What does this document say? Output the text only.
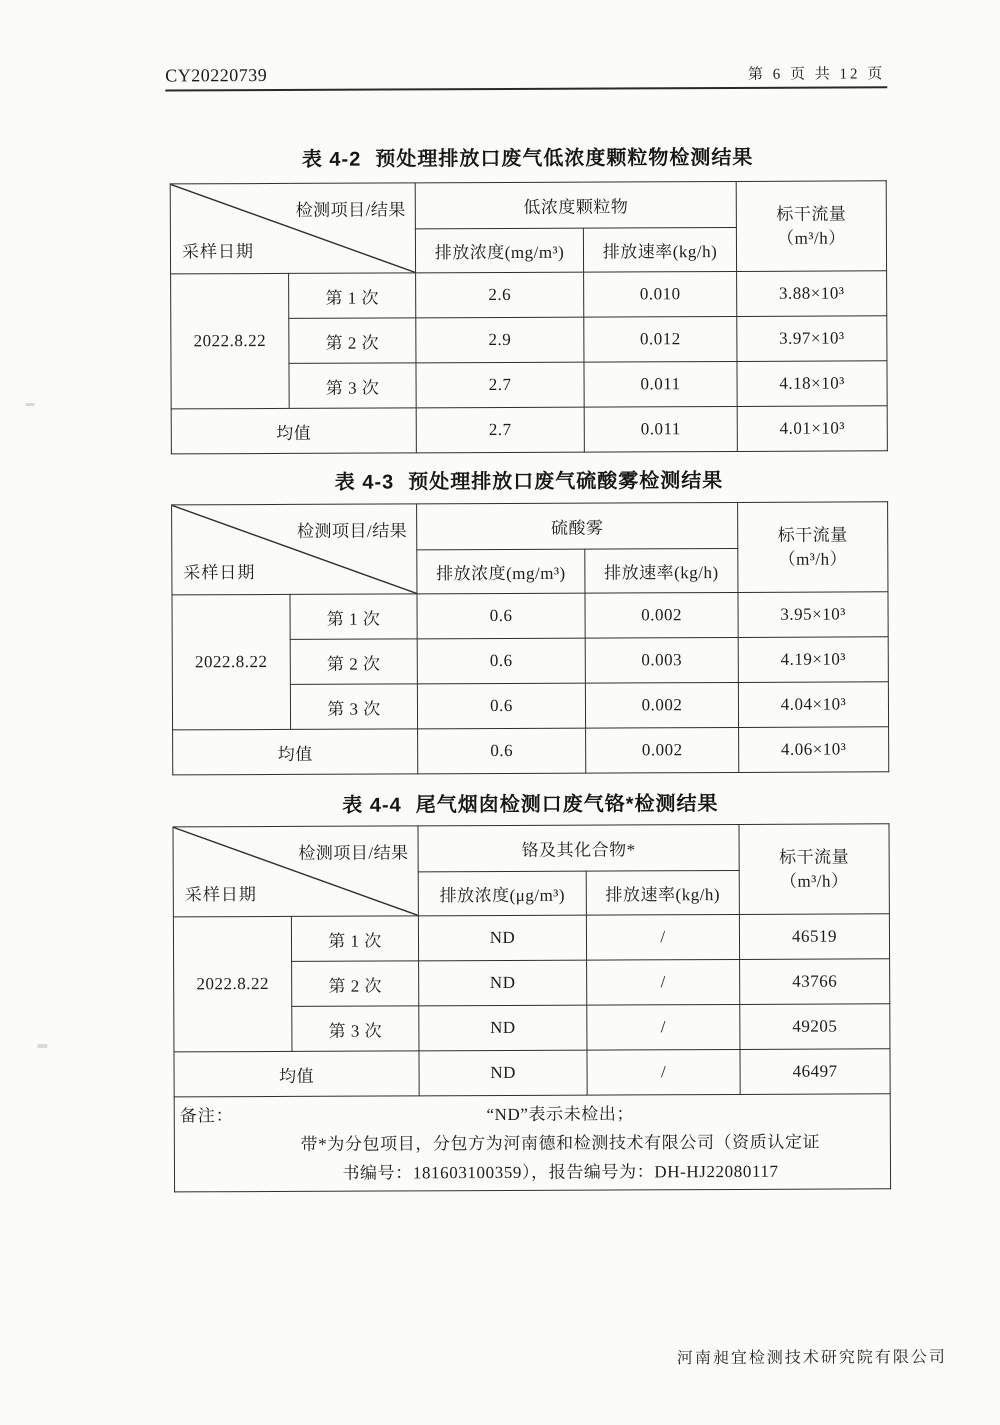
CY20220739	第 6 页 共 12 页
表 4-2 预处理排放口废气低浓度颗粒物检测结果
检测项目/结果
采样日期
	低浓度颗粒物	标干流量
（m³/h）

		排放浓度(mg/m³)	排放速率(kg/h)	
2022.8.22	第 1 次	2.6	0.010	3.88×10³
	第 2 次	2.9	0.012	3.97×10³
	第 3 次	2.7	0.011	4.18×10³
均值		2.7	0.011	4.01×10³
表 4-3 预处理排放口废气硫酸雾检测结果
检测项目/结果
采样日期
	硫酸雾	标干流量
（m³/h）

		排放浓度(mg/m³)	排放速率(kg/h)	
2022.8.22	第 1 次	0.6	0.002	3.95×10³
	第 2 次	0.6	0.003	4.19×10³
	第 3 次	0.6	0.002	4.04×10³
均值		0.6	0.002	4.06×10³
表 4-4 尾气烟囱检测口废气铬*检测结果
检测项目/结果
采样日期
	铬及其化合物*	标干流量
（m³/h）

		排放浓度(μg/m³)	排放速率(kg/h)	
2022.8.22	第 1 次	ND	/	46519
	第 2 次	ND	/	43766
	第 3 次	ND	/	49205
均值		ND	/	46497

备注： “ND”表示未检出；
带*为分包项目，分包方为河南德和检测技术有限公司（资质认定证
书编号：181603100359），报告编号为：DH-HJ22080117				
河南昶宜检测技术研究院有限公司
